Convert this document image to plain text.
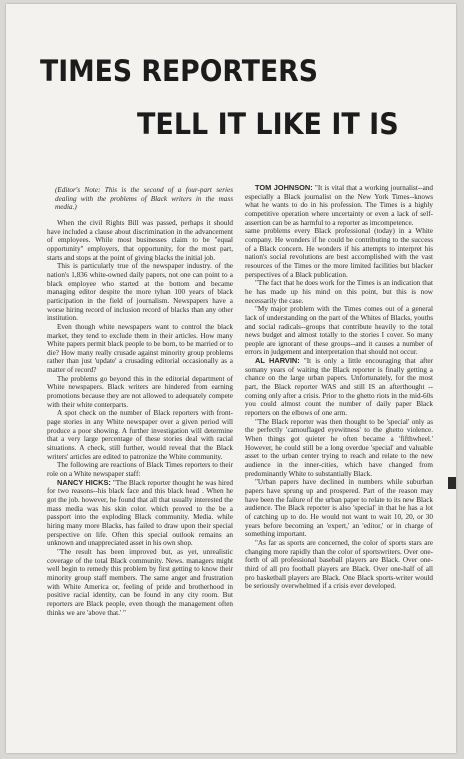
TIMES REPORTERS
TELL IT LIKE IT IS

(Editor's Note: This is the second of a four-part series dealing with the problems of Black writers in the mass media.)

When the civil Rights Bill was passed, perhaps it should have included a clause about discrimination in the advancement of employees. While most businesses claim to be "equal opportunity" employers, that opportunity, for the most part, starts and stops at the point of giving blacks the initial job.

This is particularly true of the newspaper industry. of the nation's 1,836 white-owned daily papers, not one can point to a black employee who started at the bottom and became managing editor despite the more tyhan 100 years of black participation in the field of journalism. Newspapers have a worse hiring record of inclusion record of blacks than any other institution.

Even though white newspapers want to control the black market, they tend to exclude them in their articles. How many White papers permit black people to be born, to be married or to die? How many really crusade against minority group problems rather than just 'update' a crusading editorial occasionally as a matter of record?

The problems go beyond this in the editorial department of White newspapers. Black writers are hindered from earning promotions because they are not allowed to adequately compete with their white conterparts.

A spot check on the number of Black reporters with front-page stories in any White newspaper over a given period will produce a poor showing. A further investigation will determine that a very large percentage of these stories deal with racial situations. A check, still further, would reveal that the Black writers' articles are edited to patronize the White community.

The following are reactions of Black Times reporters to their role on a White newspaper staff:

NANCY HICKS: "The Black reporter thought he was hired for two reasons--his black face and this black head . When he got the job. however, he found that all that usually interested the mass media was his skin color. which proved to the be a passport into the exploding Black community. Media. while hiring many more Blacks, has failed to draw upon their special perspective on life. Often this special outlook remains an unknown and unappreciated asset in his own shop.

"The result has been improved but, as yet, unrealistic coverage of the total Black community. News. managers might well begin to remedy this problem by first getting to know their minority group staff members. The same anger and frustration with White America or, feeling of pride and brotherhood in positive racial identity, can be found in any city room. But reporters are Black people, even though the management often thinks we are 'above that.' "

TOM JOHNSON: "It is vital that a working journalist--and especially a Black journalist on the New York Times--knows what he wants to do in his profession. The Times is a highly competitive operation where uncertainty or even a lack of self-assertion can be as harmful to a reporter as imcompetence.

same problems every Black professional (today) in a White company. He wonders if he could be contributing to the success of a Black concern. He wonders if his attempts to interpret his nation's social revolutions are best accomplished with the vast resources of the Times or the more limited facilities but blacker perspectives of a Black publication.

"The fact that he does work for the Times is an indication that he has made up his mind on this point, but this is now necessarily the case.

"My major problem with the Times comes out of a general lack of understanding on the part of the Whites of Blacks, youths and social radicals--groups that contribute heavily to the total news budget and almost totally to the stories I cover. So many people are ignorant of these groups--and it causes a number of errors in judgement and interpretation that should not occur.

AL HARVIN: "It is only a little encouraging that after somany years of waiting the Black reporter is finally getting a chance on the large urban papers. Unfortunately, for the most part, the Black reporter WAS and still IS an afterthought --coming only after a crisis. Prior to the ghetto riots in the mid-60s you could almost count the number of daily paper Black reporters on the elbows of one arm.

"The Black reporter was then thought to be 'special' only as the perfectly 'camouflaged eyewitness' to the ghetto violence. When things got quieter he often became a 'fifthwheel.' However, he could still be a long overdue 'special' and valuable asset to the urban center trying to reach and relate to the new audience in the inner-cities, which have changed from predominantly White to substantially Black.

"Urban papers have declined in numbers while suburban papers have sprung up and prospered. Part of the reason may have been the failure of the urban paper to relate to its new Black audience. The Black reporter is also 'special' in that he has a lot of catching up to do. He would not want to wait 10, 20, or 30 years before becoming an 'expert,' an 'editor,' or in charge of something important.

"As far as sports are concerned, the color of sports stars are changing more rapidly than the color of sportswriters. Over one-forth of all professional baseball players are Black. Over one-third of all pro football players are Black. Over one-half of all pro basketball players are Black. One Black sports-writer would be seriously overwhelmed if a crisis ever developed.
